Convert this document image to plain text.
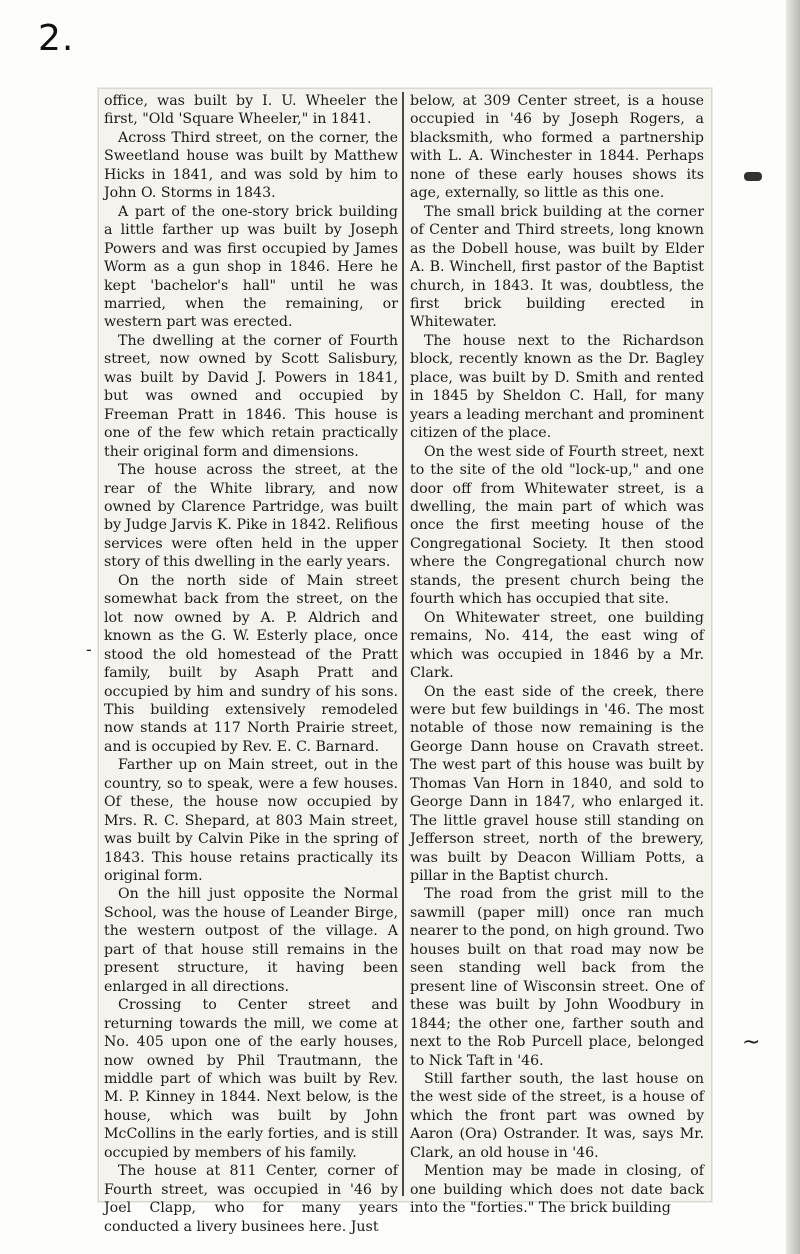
2.
-
~

office, was built by I. U. Wheeler the first, "Old 'Square Wheeler," in 1841.

Across Third street, on the corner, the Sweetland house was built by Matthew Hicks in 1841, and was sold by him to John O. Storms in 1843.

A part of the one-story brick building a little farther up was built by Joseph Powers and was first occupied by James Worm as a gun shop in 1846. Here he kept 'bachelor's hall" until he was married, when the remaining, or western part was erected.

The dwelling at the corner of Fourth street, now owned by Scott Salisbury, was built by David J. Powers in 1841, but was owned and occupied by Freeman Pratt in 1846. This house is one of the few which retain practically their original form and dimensions.

The house across the street, at the rear of the White library, and now owned by Clarence Partridge, was built by Judge Jarvis K. Pike in 1842. Relifious services were often held in the upper story of this dwelling in the early years.

On the north side of Main street somewhat back from the street, on the lot now owned by A. P. Aldrich and known as the G. W. Esterly place, once stood the old homestead of the Pratt family, built by Asaph Pratt and occupied by him and sundry of his sons. This building extensively remodeled now stands at 117 North Prairie street, and is occupied by Rev. E. C. Barnard.

Farther up on Main street, out in the country, so to speak, were a few houses. Of these, the house now occupied by Mrs. R. C. Shepard, at 803 Main street, was built by Calvin Pike in the spring of 1843. This house retains practically its original form.

On the hill just opposite the Normal School, was the house of Leander Birge, the western outpost of the village. A part of that house still remains in the present structure, it having been enlarged in all directions.

Crossing to Center street and returning towards the mill, we come at No. 405 upon one of the early houses, now owned by Phil Trautmann, the middle part of which was built by Rev. M. P. Kinney in 1844. Next below, is the house, which was built by John McCollins in the early forties, and is still occupied by members of his family.

The house at 811 Center, corner of Fourth street, was occupied in '46 by Joel Clapp, who for many years conducted a livery businees here. Just

below, at 309 Center street, is a house occupied in '46 by Joseph Rogers, a blacksmith, who formed a partnership with L. A. Winchester in 1844. Perhaps none of these early houses shows its age, externally, so little as this one.

The small brick building at the corner of Center and Third streets, long known as the Dobell house, was built by Elder A. B. Winchell, first pastor of the Baptist church, in 1843. It was, doubtless, the first brick building erected in Whitewater.

The house next to the Richardson block, recently known as the Dr. Bagley place, was built by D. Smith and rented in 1845 by Sheldon C. Hall, for many years a leading merchant and prominent citizen of the place.

On the west side of Fourth street, next to the site of the old "lock-up," and one door off from Whitewater street, is a dwelling, the main part of which was once the first meeting house of the Congregational Society. It then stood where the Congregational church now stands, the present church being the fourth which has occupied that site.

On Whitewater street, one building remains, No. 414, the east wing of which was occupied in 1846 by a Mr. Clark.

On the east side of the creek, there were but few buildings in '46. The most notable of those now remaining is the George Dann house on Cravath street. The west part of this house was built by Thomas Van Horn in 1840, and sold to George Dann in 1847, who enlarged it. The little gravel house still standing on Jefferson street, north of the brewery, was built by Deacon William Potts, a pillar in the Baptist church.

The road from the grist mill to the sawmill (paper mill) once ran much nearer to the pond, on high ground. Two houses built on that road may now be seen standing well back from the present line of Wisconsin street. One of these was built by John Woodbury in 1844; the other one, farther south and next to the Rob Purcell place, belonged to Nick Taft in '46.

Still farther south, the last house on the west side of the street, is a house of which the front part was owned by Aaron (Ora) Ostrander. It was, says Mr. Clark, an old house in '46.

Mention may be made in closing, of one building which does not date back into the "forties." The brick building
